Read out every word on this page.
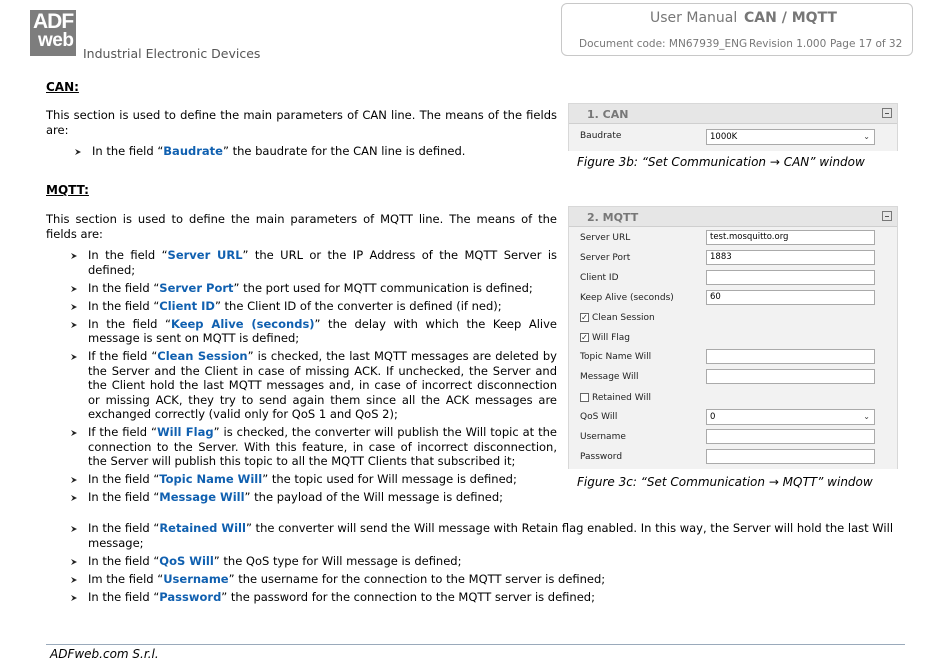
ADF
web
Industrial Electronic Devices
User Manual CAN / MQTT
Document code: MN67939_ENG Revision 1.000 Page 17 of 32
CAN:
This section is used to define the main parameters of CAN line. The means of the fields are:
In the field “Baudrate” the baudrate for the CAN line is defined.
1. CAN
Baudrate	1000K	⌄
Figure 3b: “Set Communication → CAN” window
MQTT:
This section is used to define the main parameters of MQTT line. The means of the fields are:
In the field “Server URL” the URL or the IP Address of the MQTT Server is defined;
In the field “Server Port” the port used for MQTT communication is defined;
In the field “Client ID” the Client ID of the converter is defined (if ned);
In the field “Keep Alive (seconds)” the delay with which the Keep Alive message is sent on MQTT is defined;
If the field “Clean Session” is checked, the last MQTT messages are deleted by the Server and the Client in case of missing ACK. If unchecked, the Server and the Client hold the last MQTT messages and, in case of incorrect disconnection or missing ACK, they try to send again them since all the ACK messages are exchanged correctly (valid only for QoS 1 and QoS 2);
If the field “Will Flag” is checked, the converter will publish the Will topic at the connection to the Server. With this feature, in case of incorrect disconnection, the Server will publish this topic to all the MQTT Clients that subscribed it;
In the field “Topic Name Will” the topic used for Will message is defined;
In the field “Message Will” the payload of the Will message is defined;
In the field “Retained Will” the converter will send the Will message with Retain flag enabled. In this way, the Server will hold the last Will message;
In the field “QoS Will” the QoS type for Will message is defined;
Im the field “Username” the username for the connection to the MQTT server is defined;
In the field “Password” the password for the connection to the MQTT server is defined;
2. MQTT
Server URL	test.mosquitto.org
Server Port	1883
Client ID
Keep Alive (seconds)	60
✓ Clean Session
✓ Will Flag
Topic Name Will
Message Will
Retained Will
QoS Will	0	⌄
Username
Password
Figure 3c: “Set Communication → MQTT” window
ADFweb.com S.r.l.
